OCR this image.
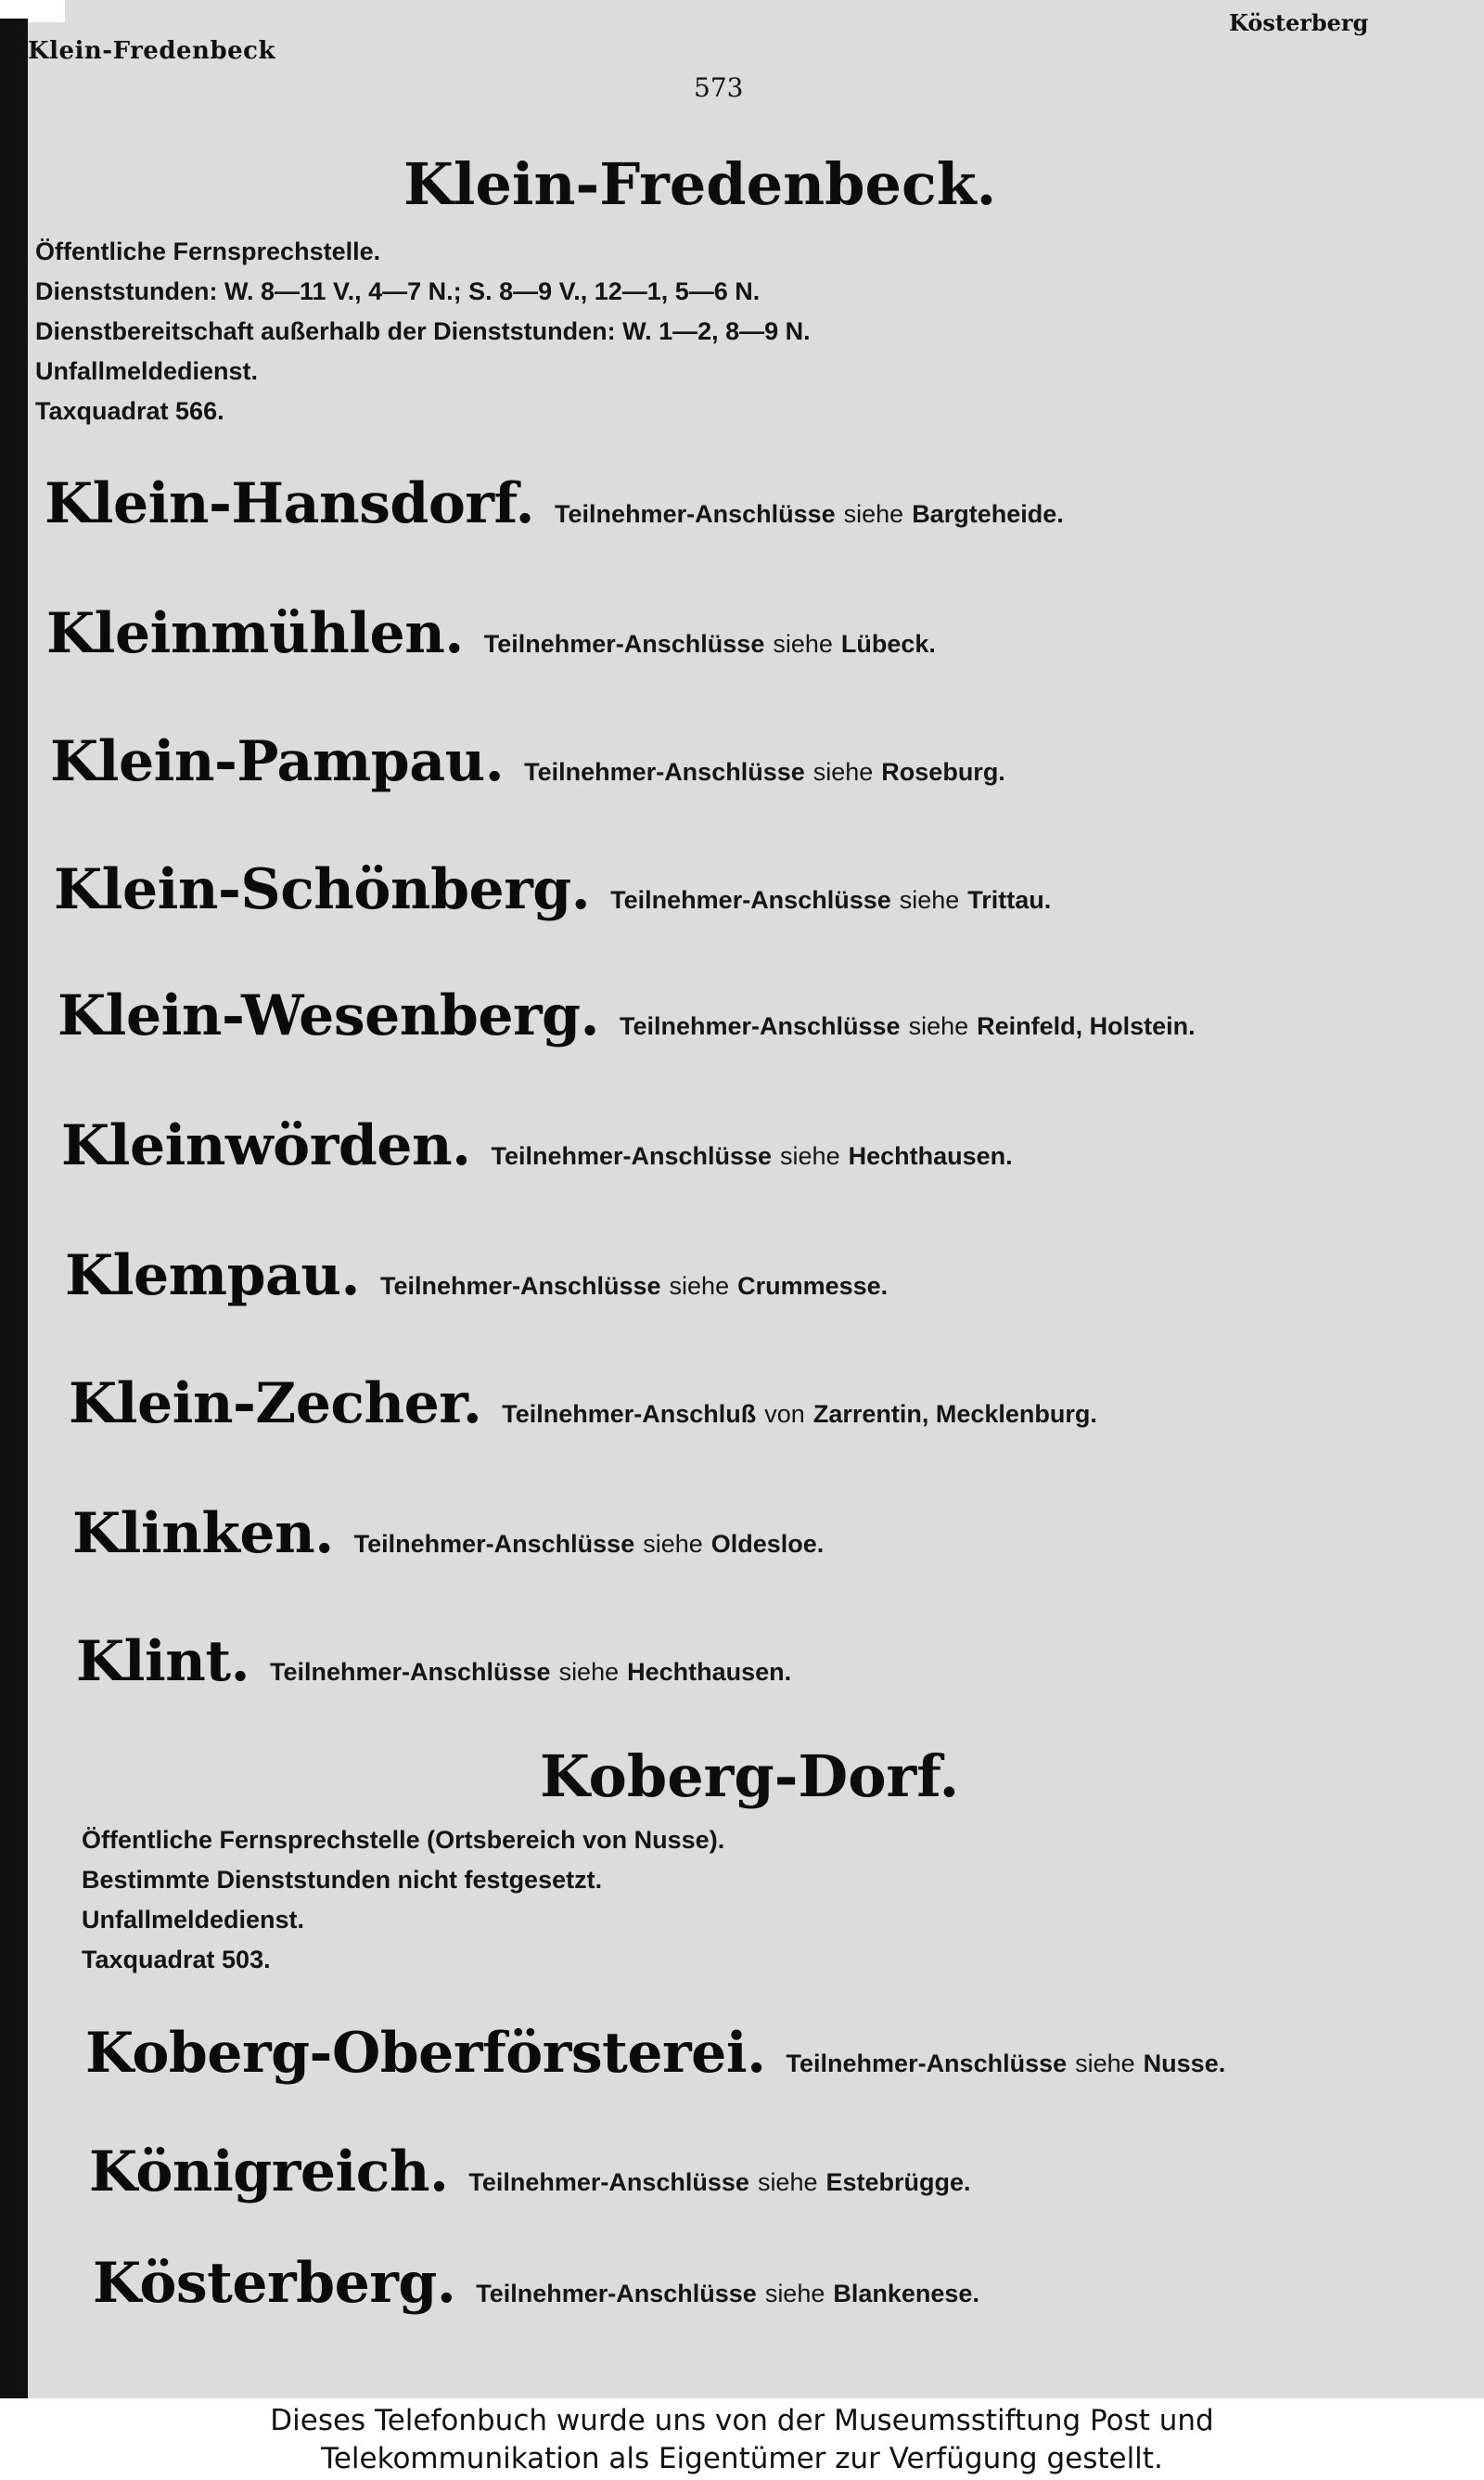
Klein-Fredenbeck
Kösterberg
573
Klein-Fredenbeck.
Öffentliche Fernsprechstelle.
Dienststunden: W. 8—11 V., 4—7 N.; S. 8—9 V., 12—1, 5—6 N.
Dienstbereitschaft außerhalb der Dienststunden: W. 1—2, 8—9 N.
Unfallmeldedienst.
Taxquadrat 566.
Klein-Hansdorf. Teilnehmer-Anschlüsse siehe Bargteheide.
Kleinmühlen. Teilnehmer-Anschlüsse siehe Lübeck.
Klein-Pampau. Teilnehmer-Anschlüsse siehe Roseburg.
Klein-Schönberg. Teilnehmer-Anschlüsse siehe Trittau.
Klein-Wesenberg. Teilnehmer-Anschlüsse siehe Reinfeld, Holstein.
Kleinwörden. Teilnehmer-Anschlüsse siehe Hechthausen.
Klempau. Teilnehmer-Anschlüsse siehe Crummesse.
Klein-Zecher. Teilnehmer-Anschluß von Zarrentin, Mecklenburg.
Klinken. Teilnehmer-Anschlüsse siehe Oldesloe.
Klint. Teilnehmer-Anschlüsse siehe Hechthausen.
Koberg-Dorf.
Öffentliche Fernsprechstelle (Ortsbereich von Nusse).
Bestimmte Dienststunden nicht festgesetzt.
Unfallmeldedienst.
Taxquadrat 503.
Koberg-Oberförsterei. Teilnehmer-Anschlüsse siehe Nusse.
Königreich. Teilnehmer-Anschlüsse siehe Estebrügge.
Kösterberg. Teilnehmer-Anschlüsse siehe Blankenese.
Dieses Telefonbuch wurde uns von der Museumsstiftung Post und
Telekommunikation als Eigentümer zur Verfügung gestellt.
